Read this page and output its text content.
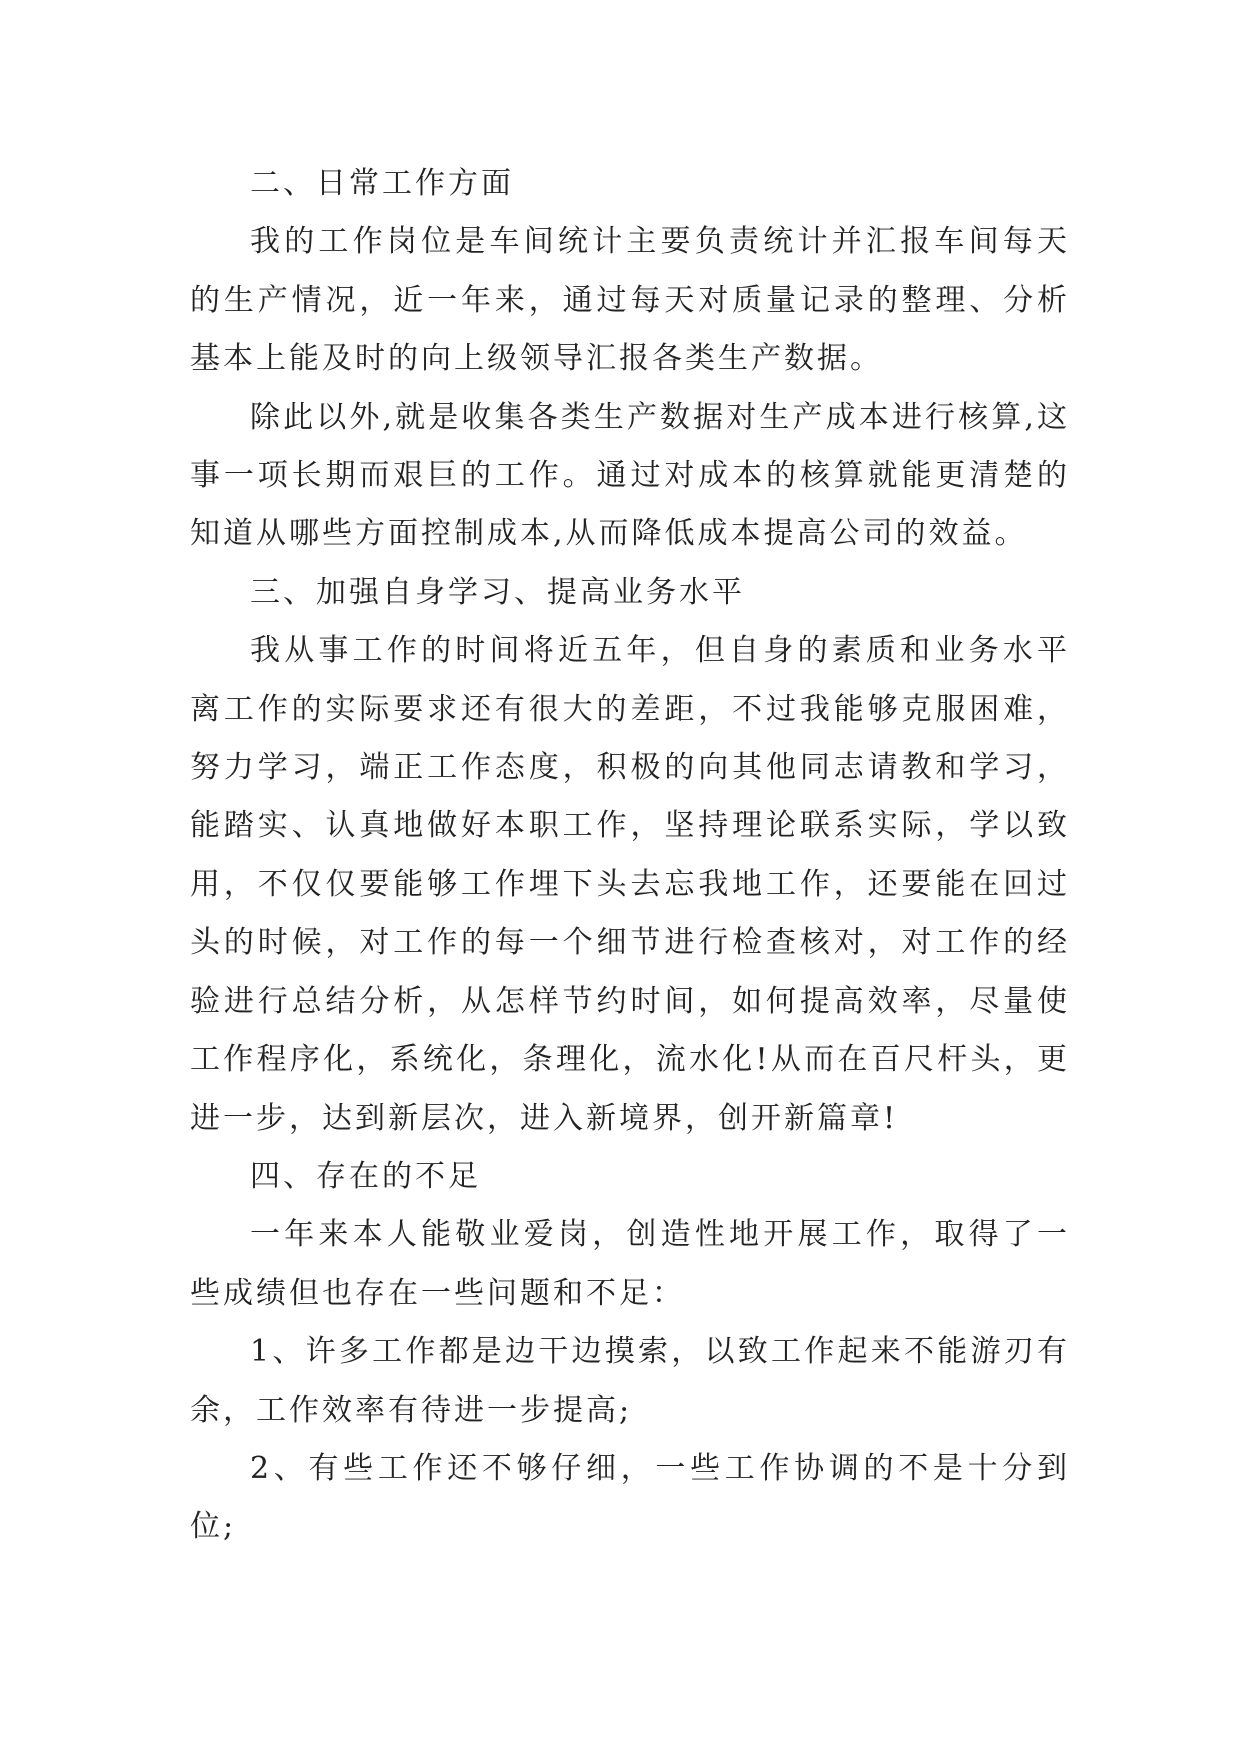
二、日常工作方面

我的工作岗位是车间统计主要负责统计并汇报车间每天的生产情况，近一年来，通过每天对质量记录的整理、分析基本上能及时的向上级领导汇报各类生产数据。

除此以外,就是收集各类生产数据对生产成本进行核算,这事一项长期而艰巨的工作。通过对成本的核算就能更清楚的知道从哪些方面控制成本,从而降低成本提高公司的效益。

三、加强自身学习、提高业务水平

我从事工作的时间将近五年，但自身的素质和业务水平离工作的实际要求还有很大的差距，不过我能够克服困难，努力学习，端正工作态度，积极的向其他同志请教和学习，能踏实、认真地做好本职工作，坚持理论联系实际，学以致用，不仅仅要能够工作埋下头去忘我地工作，还要能在回过头的时候，对工作的每一个细节进行检查核对，对工作的经验进行总结分析，从怎样节约时间，如何提高效率，尽量使工作程序化，系统化，条理化，流水化!从而在百尺杆头，更进一步，达到新层次，进入新境界，创开新篇章!

四、存在的不足

一年来本人能敬业爱岗，创造性地开展工作，取得了一些成绩但也存在一些问题和不足：

1、许多工作都是边干边摸索，以致工作起来不能游刃有余，工作效率有待进一步提高;

2、有些工作还不够仔细，一些工作协调的不是十分到位;
